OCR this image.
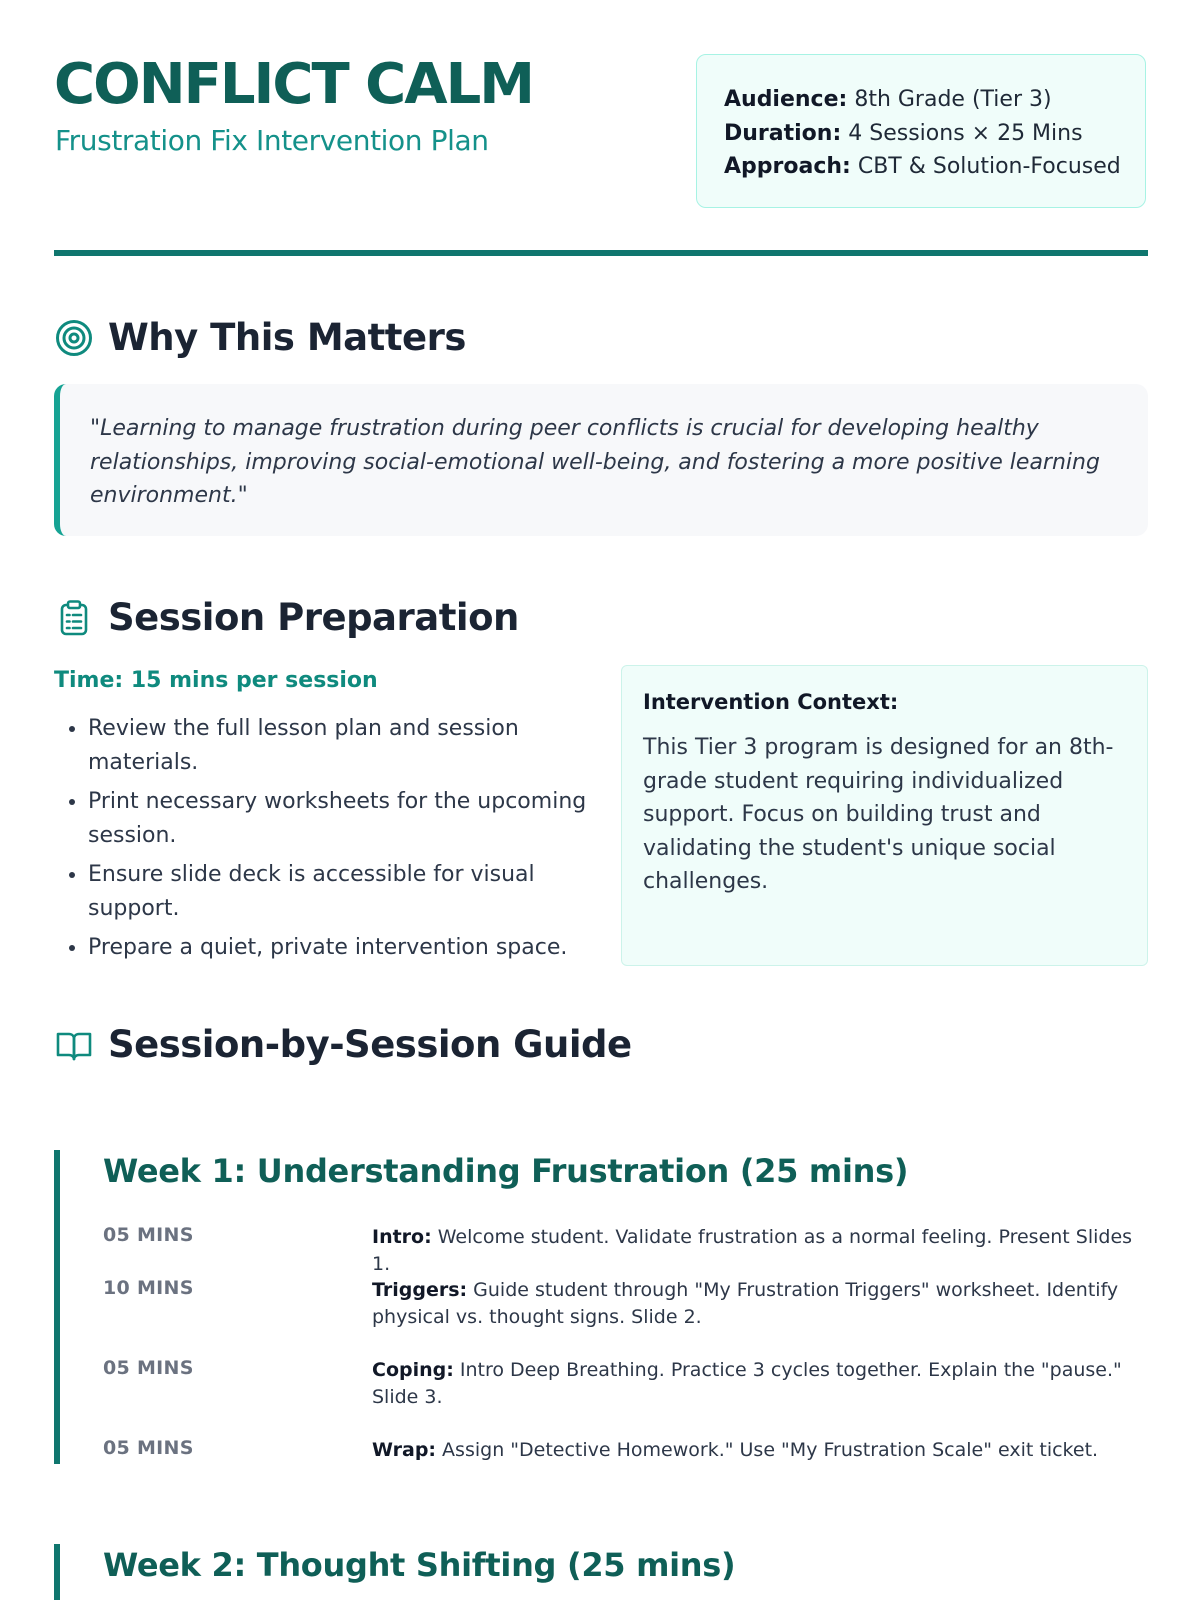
CONFLICT CALM
Frustration Fix Intervention Plan
Audience: 8th Grade (Tier 3)
Duration: 4 Sessions × 25 Mins
Approach: CBT & Solution-Focused
Why This Matters
"Learning to manage frustration during peer conflicts is crucial for developing healthy relationships, improving social-emotional well-being, and fostering a more positive learning environment."
Session Preparation
Time: 15 mins per session
• Review the full lesson plan and session materials.
• Print necessary worksheets for the upcoming session.
• Ensure slide deck is accessible for visual support.
• Prepare a quiet, private intervention space.
Intervention Context:
This Tier 3 program is designed for an 8th-grade student requiring individualized support. Focus on building trust and validating the student's unique social challenges.
Session-by-Session Guide
Week 1: Understanding Frustration (25 mins)
05 MINS	Intro: Welcome student. Validate frustration as a normal feeling. Present Slides 1.
10 MINS	Triggers: Guide student through "My Frustration Triggers" worksheet. Identify physical vs. thought signs. Slide 2.
05 MINS	Coping: Intro Deep Breathing. Practice 3 cycles together. Explain the "pause." Slide 3.
05 MINS	Wrap: Assign "Detective Homework." Use "My Frustration Scale" exit ticket.
Week 2: Thought Shifting (25 mins)
